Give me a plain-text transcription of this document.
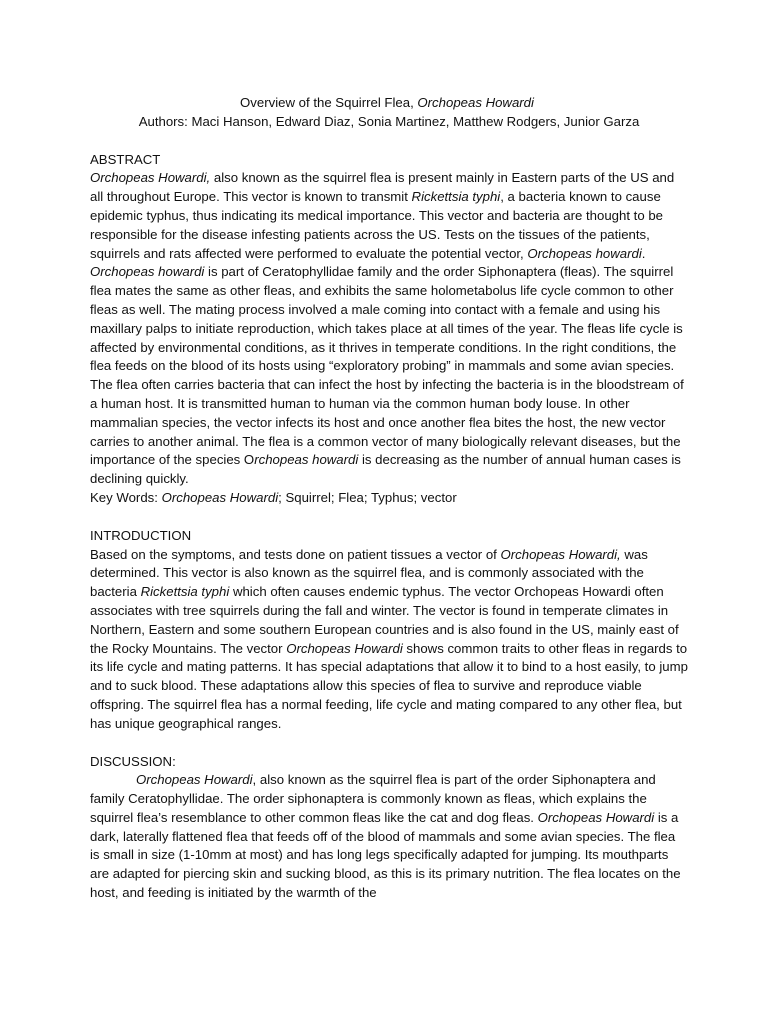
Overview of the Squirrel Flea, Orchopeas Howardi

Authors: Maci Hanson, Edward Diaz, Sonia Martinez, Matthew Rodgers, Junior Garza

ABSTRACT

Orchopeas Howardi, also known as the squirrel flea is present mainly in Eastern parts of the US and all throughout Europe. This vector is known to transmit Rickettsia typhi, a bacteria known to cause epidemic typhus, thus indicating its medical importance. This vector and bacteria are thought to be responsible for the disease infesting patients across the US. Tests on the tissues of the patients, squirrels and rats affected were performed to evaluate the potential vector, Orchopeas howardi. Orchopeas howardi is part of Ceratophyllidae family and the order Siphonaptera (fleas). The squirrel flea mates the same as other fleas, and exhibits the same holometabolus life cycle common to other fleas as well. The mating process involved a male coming into contact with a female and using his maxillary palps to initiate reproduction, which takes place at all times of the year. The fleas life cycle is affected by environmental conditions, as it thrives in temperate conditions. In the right conditions, the flea feeds on the blood of its hosts using “exploratory probing” in mammals and some avian species. The flea often carries bacteria that can infect the host by infecting the bacteria is in the bloodstream of a human host. It is transmitted human to human via the common human body louse. In other mammalian species, the vector infects its host and once another flea bites the host, the new vector carries to another animal. The flea is a common vector of many biologically relevant diseases, but the importance of the species Orchopeas howardi is decreasing as the number of annual human cases is declining quickly.

Key Words: Orchopeas Howardi; Squirrel; Flea; Typhus; vector

INTRODUCTION

Based on the symptoms, and tests done on patient tissues a vector of Orchopeas Howardi, was determined. This vector is also known as the squirrel flea, and is commonly associated with the bacteria Rickettsia typhi which often causes endemic typhus. The vector Orchopeas Howardi often associates with tree squirrels during the fall and winter. The vector is found in temperate climates in Northern, Eastern and some southern European countries and is also found in the US, mainly east of the Rocky Mountains. The vector Orchopeas Howardi shows common traits to other fleas in regards to its life cycle and mating patterns. It has special adaptations that allow it to bind to a host easily, to jump and to suck blood. These adaptations allow this species of flea to survive and reproduce viable offspring. The squirrel flea has a normal feeding, life cycle and mating compared to any other flea, but has unique geographical ranges.

DISCUSSION:

Orchopeas Howardi, also known as the squirrel flea is part of the order Siphonaptera and family Ceratophyllidae. The order siphonaptera is commonly known as fleas, which explains the squirrel flea’s resemblance to other common fleas like the cat and dog fleas. Orchopeas Howardi is a dark, laterally flattened flea that feeds off of the blood of mammals and some avian species. The flea is small in size (1-10mm at most) and has long legs specifically adapted for jumping. Its mouthparts are adapted for piercing skin and sucking blood, as this is its primary nutrition. The flea locates on the host, and feeding is initiated by the warmth of the
